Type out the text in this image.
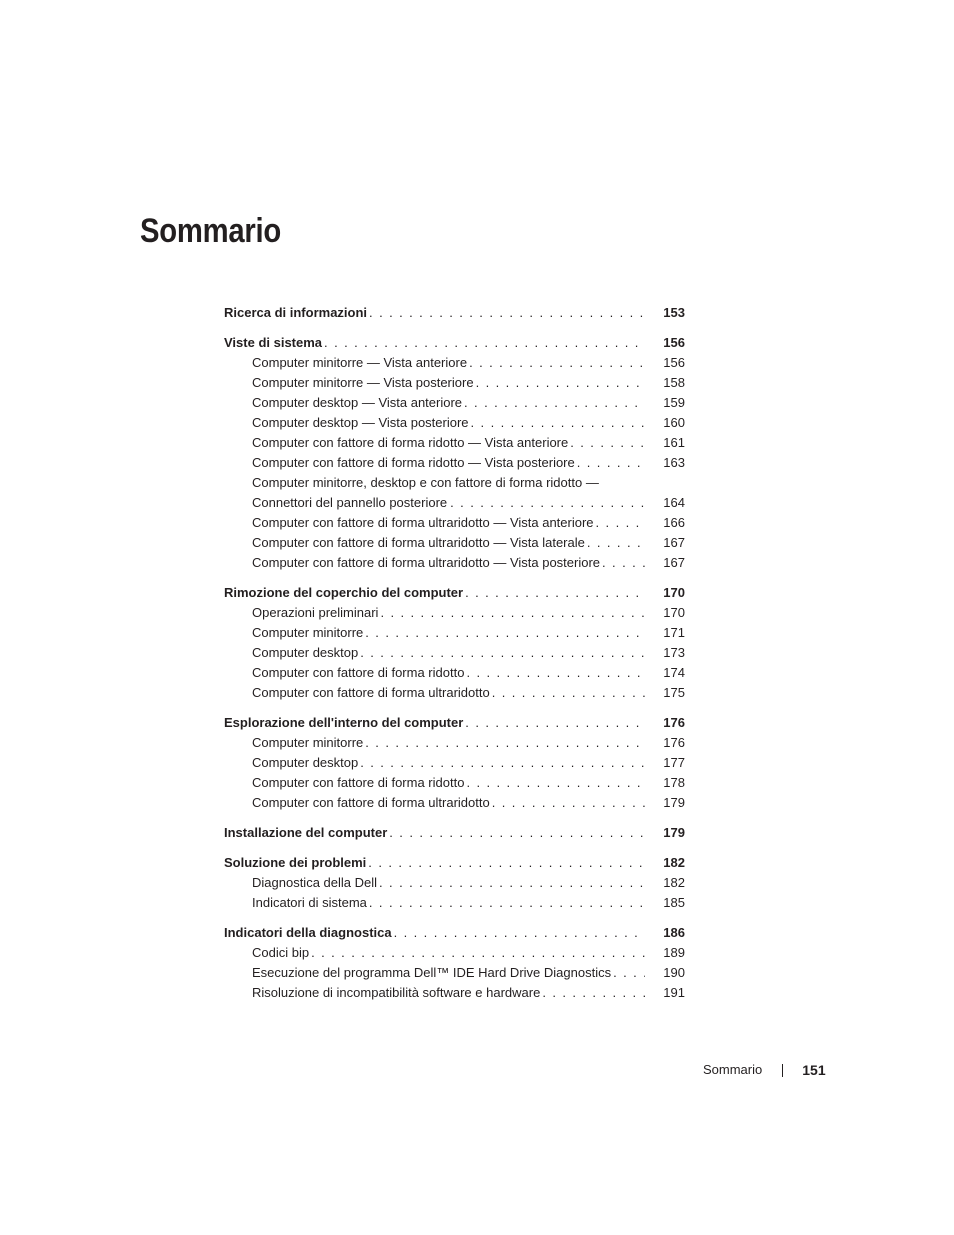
Sommario
Ricerca di informazioni . . .	153
Viste di sistema . . .	156
Computer minitorre — Vista anteriore . . .	156
Computer minitorre — Vista posteriore . . .	158
Computer desktop — Vista anteriore . . .	159
Computer desktop — Vista posteriore . . .	160
Computer con fattore di forma ridotto — Vista anteriore . . .	161
Computer con fattore di forma ridotto — Vista posteriore . . .	163
Computer minitorre, desktop e con fattore di forma ridotto —
Connettori del pannello posteriore
. . .	164
Computer con fattore di forma ultraridotto — Vista anteriore . . .	166
Computer con fattore di forma ultraridotto — Vista laterale . . .	167
Computer con fattore di forma ultraridotto — Vista posteriore . . .	167
Rimozione del coperchio del computer . . .	170
Operazioni preliminari . . .	170
Computer minitorre . . .	171
Computer desktop . . .	173
Computer con fattore di forma ridotto . . .	174
Computer con fattore di forma ultraridotto . . .	175
Esplorazione dell'interno del computer . . .	176
Computer minitorre . . .	176
Computer desktop . . .	177
Computer con fattore di forma ridotto . . .	178
Computer con fattore di forma ultraridotto . . .	179
Installazione del computer . . .	179
Soluzione dei problemi . . .	182
Diagnostica della Dell . . .	182
Indicatori di sistema . . .	185
Indicatori della diagnostica . . .	186
Codici bip . . .	189
Esecuzione del programma Dell™ IDE Hard Drive Diagnostics . . .	190
Risoluzione di incompatibilità software e hardware . . .	191
Sommario	151
